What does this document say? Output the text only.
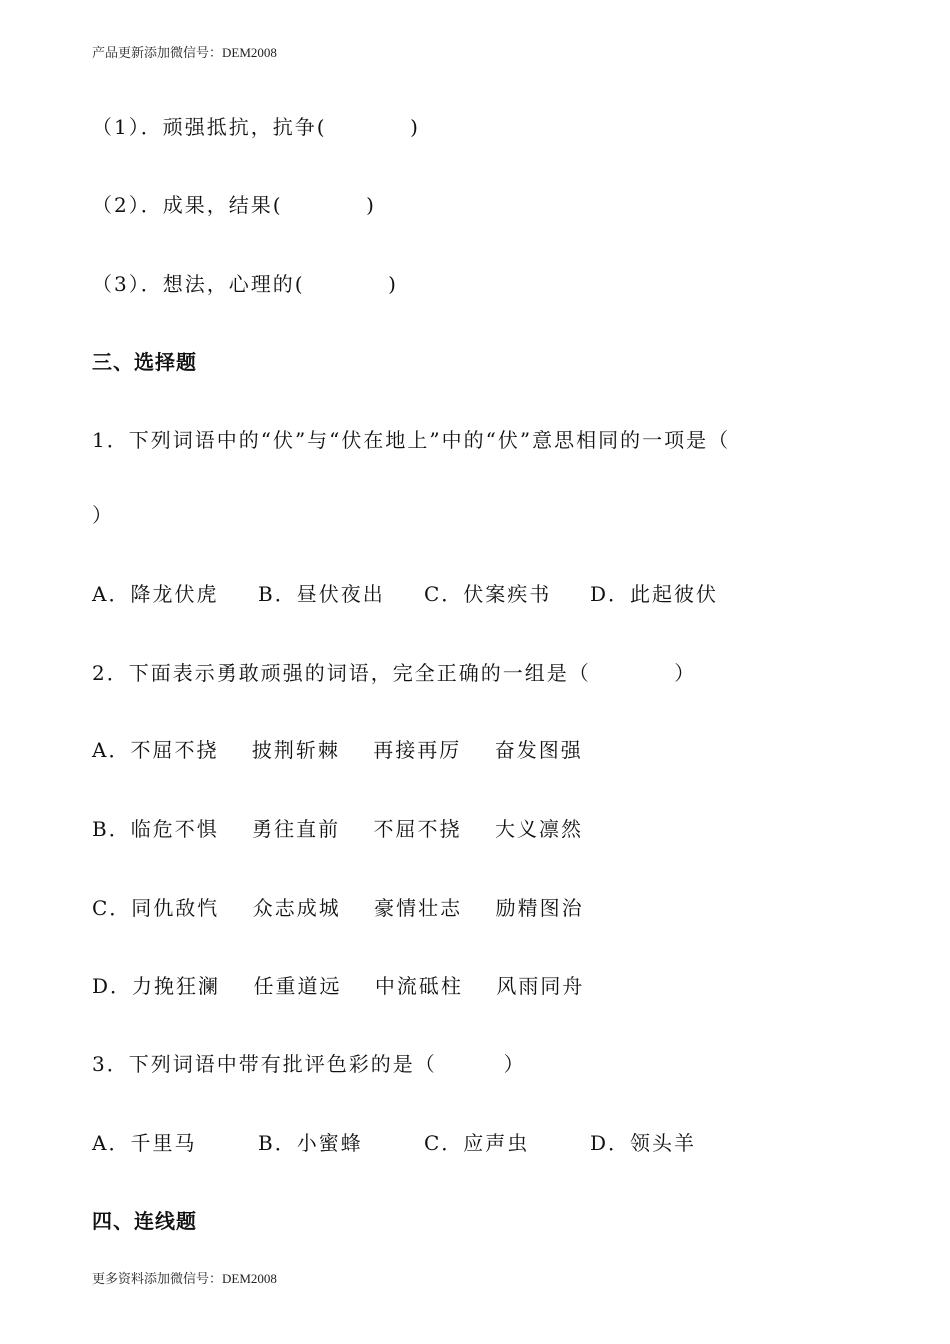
产品更新添加微信号：DEM2008
（1）．顽强抵抗，抗争(          )
（2）．成果，结果(          )
（3）．想法，心理的(          )
三、选择题
1．下列词语中的“伏”与“伏在地上”中的“伏”意思相同的一项是（
）
A．降龙伏虎	B．昼伏夜出	C．伏案疾书	D．此起彼伏
2．下面表示勇敢顽强的词语，完全正确的一组是（          ）
A．不屈不挠    披荆斩棘    再接再厉    奋发图强
B．临危不惧    勇往直前    不屈不挠    大义凛然
C．同仇敌忾    众志成城    豪情壮志    励精图治
D．力挽狂澜    任重道远    中流砥柱    风雨同舟
3．下列词语中带有批评色彩的是（        ）
A．千里马	B．小蜜蜂	C．应声虫	D．领头羊
四、连线题
更多资料添加微信号：DEM2008
